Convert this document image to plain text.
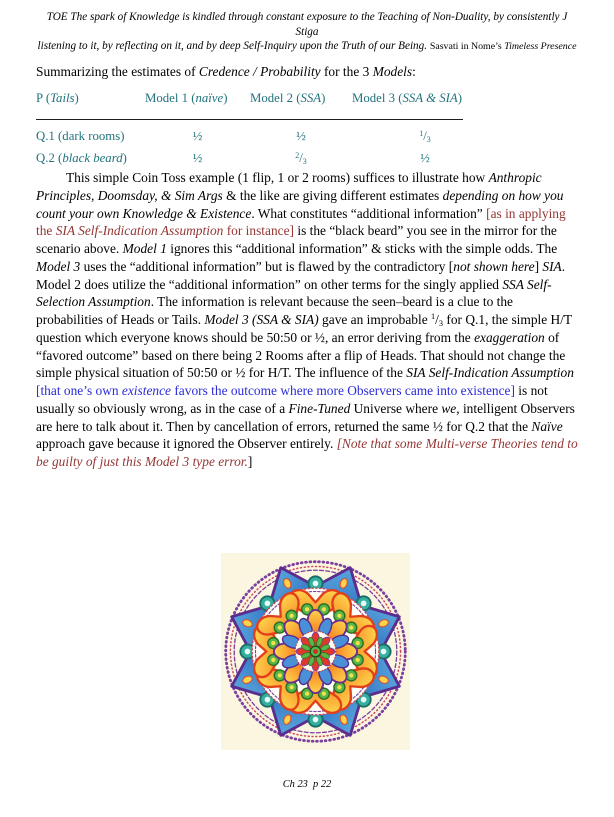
TOE The spark of Knowledge is kindled through constant exposure to the Teaching of Non-Duality, by consistently J Stiga
listening to it, by reflecting on it, and by deep Self-Inquiry upon the Truth of our Being. Sasvati in Nome’s Timeless Presence
Summarizing the estimates of Credence / Probability for the 3 Models:
P (Tails)	Model 1 (naïve)	Model 2 (SSA)	Model 3 (SSA & SIA)
Q.1 (dark rooms)	½	½	$^1/_3$
Q.2 (black beard)	½	$^2/_3$	½
This simple Coin Toss example (1 flip, 1 or 2 rooms) suffices to illustrate how Anthropic Principles, Doomsday, & Sim Args & the like are giving different estimates depending on how you count your own Knowledge & Existence. What constitutes “additional information” [as in applying the SIA Self-Indication Assumption for instance] is the “black beard” you see in the mirror for the scenario above. Model 1 ignores this “additional information” & sticks with the simple odds. The Model 3 uses the “additional information” but is flawed by the contradictory [not shown here] SIA. Model 2 does utilize the “additional information” on other terms for the singly applied SSA Self-Selection Assumption. The information is relevant because the seen–beard is a clue to the probabilities of Heads or Tails. Model 3 (SSA & SIA) gave an improbable $^1/_3$ for Q.1, the simple H/T question which everyone knows should be 50:50 or ½, an error deriving from the exaggeration of “favored outcome” based on there being 2 Rooms after a flip of Heads. That should not change the simple physical situation of 50:50 or ½ for H/T. The influence of the SIA Self-Indication Assumption [that one’s own existence favors the outcome where more Observers came into existence] is not usually so obviously wrong, as in the case of a Fine-Tuned Universe where we, intelligent Observers are here to talk about it. Then by cancellation of errors, returned the same ½ for Q.2 that the Naïve approach gave because it ignored the Observer entirely. [Note that some Multi-verse Theories tend to be guilty of just this Model 3 type error.]
Ch 23  p 22
